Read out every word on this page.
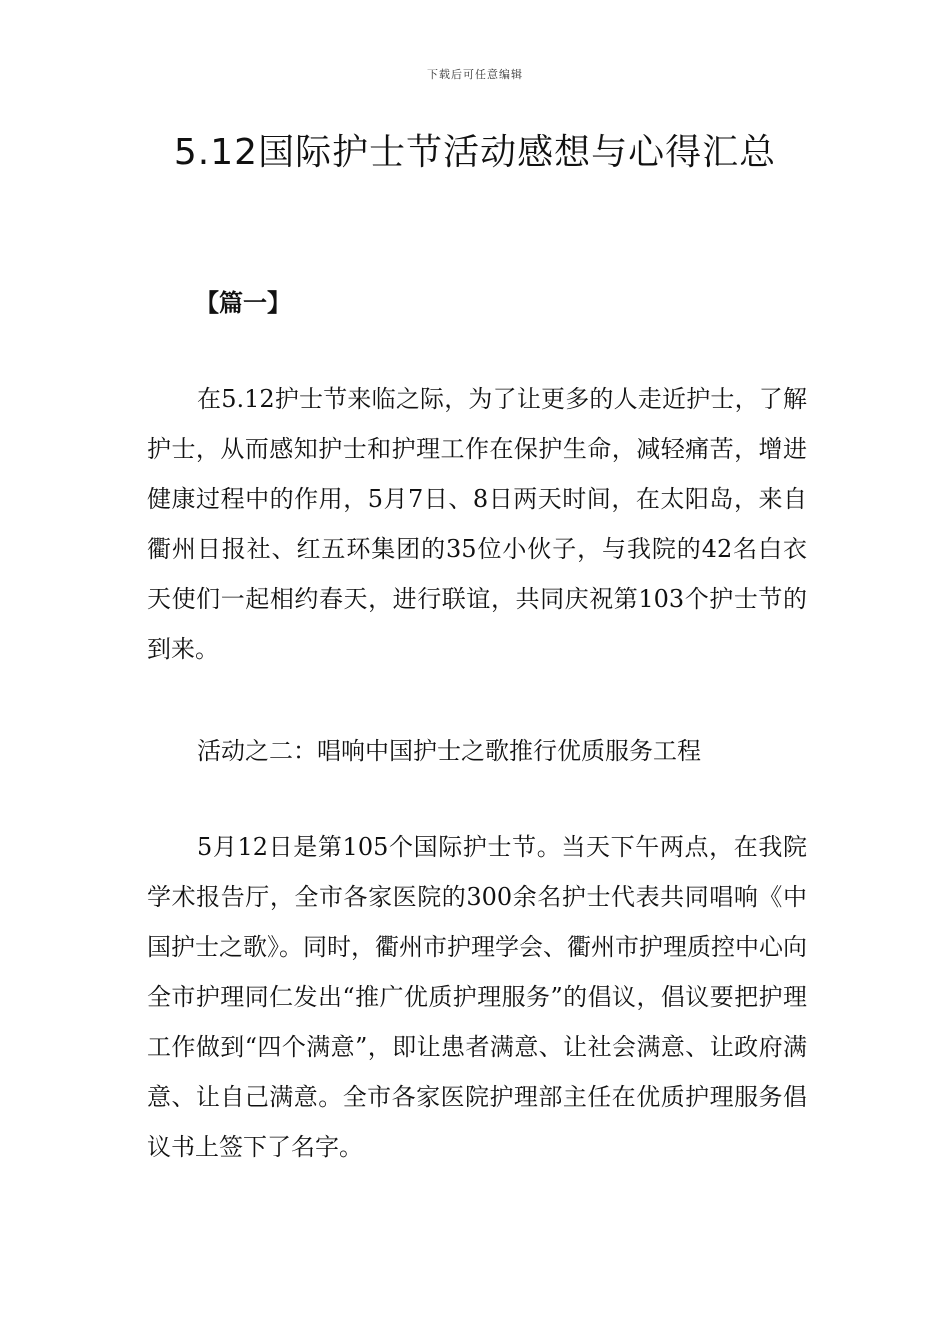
下载后可任意编辑
5.12国际护士节活动感想与心得汇总

【篇一】

在5.12护士节来临之际，为了让更多的人走近护士，了解护士，从而感知护士和护理工作在保护生命，减轻痛苦，增进健康过程中的作用，5月7日、8日两天时间，在太阳岛，来自衢州日报社、红五环集团的35位小伙子，与我院的42名白衣天使们一起相约春天，进行联谊，共同庆祝第103个护士节的到来。

活动之二：唱响中国护士之歌推行优质服务工程

5月12日是第105个国际护士节。当天下午两点，在我院学术报告厅，全市各家医院的300余名护士代表共同唱响《中国护士之歌》。同时，衢州市护理学会、衢州市护理质控中心向全市护理同仁发出“推广优质护理服务”的倡议，倡议要把护理工作做到“四个满意”，即让患者满意、让社会满意、让政府满意、让自己满意。全市各家医院护理部主任在优质护理服务倡议书上签下了名字。
